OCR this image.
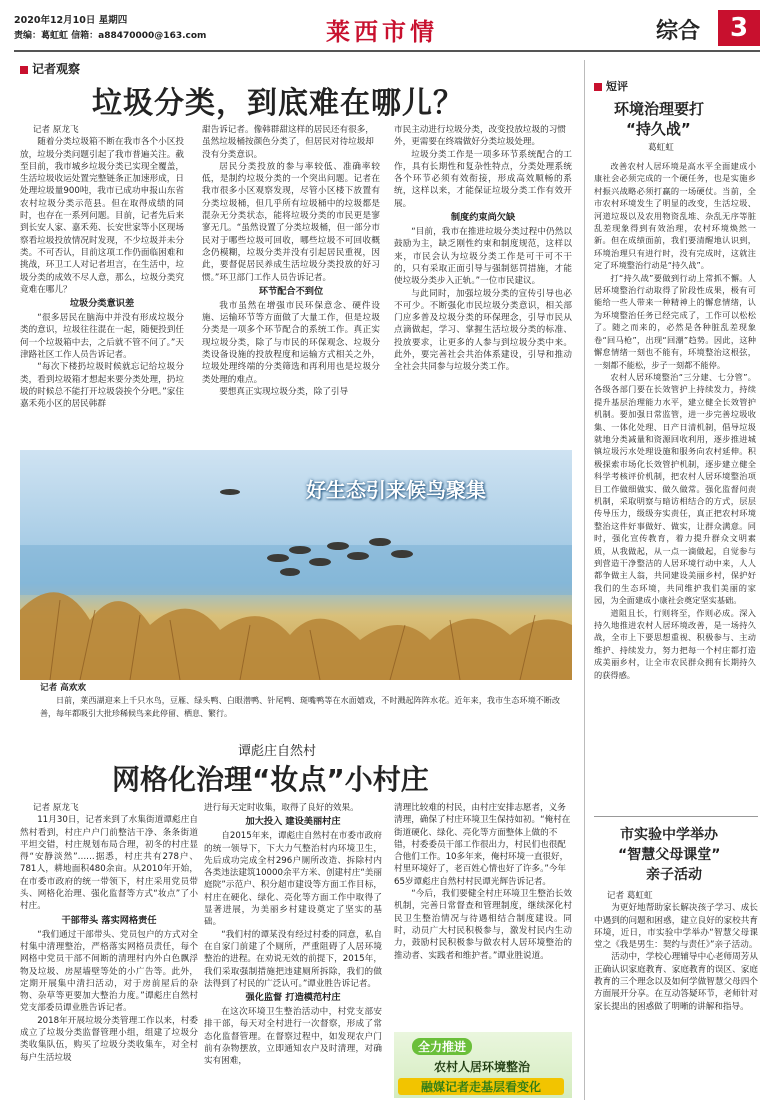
2020年12月10日 星期四
责编：葛虹虹 信箱：a88470000@163.com	莱西市情	综合	3
记者观察
垃圾分类，到底难在哪儿？

记者 原龙飞

随着分类垃圾箱不断在我市各个小区投放，垃圾分类问题引起了我市普遍关注。截至目前，我市城乡垃圾分类已实现全覆盖，生活垃圾收运处置完整链条正加速形成，日处理垃圾量900吨，我市已成功申报山东省农村垃圾分类示范县。但在取得成绩的同时，也存在一系列问题。目前，记者先后来到长安人家、嘉禾苑、长安世家等小区现场察看垃圾投放情况时发现，不少垃圾并未分类。不可否认，目前这项工作仍面临困难和挑战，环卫工人对记者坦言，在生活中，垃圾分类的成效不尽人意，那么，垃圾分类究竟难在哪儿？

垃圾分类意识差

“很多居民在脑海中并没有形成垃圾分类的意识，垃圾往往混在一起，随便投到任何一个垃圾箱中去，之后就不管不问了。”天津路社区工作人员告诉记者。

“每次下楼扔垃圾时候就忘记给垃圾分类，看到垃圾箱才想起来要分类处理，扔垃圾的时候总不能打开垃圾袋挨个分吧。”家住嘉禾苑小区的居民韩群

甜告诉记者。像韩群甜这样的居民还有很多，虽然垃圾桶按颜色分类了，但居民对待垃圾却没有分类意识。

居民分类投放的参与率较低、准确率较低，是制约垃圾分类的一个突出问题。记者在我市很多小区观察发现，尽管小区楼下放置有分类垃圾桶，但几乎所有垃圾桶中的垃圾都是混杂无分类状态，能将垃圾分类的市民更是寥寥无几。“虽然设置了分类垃圾桶，但一部分市民对于哪些垃圾可回收，哪些垃圾不可回收概念仍模糊，垃圾分类并没有引起居民重视，因此，要督促居民养成生活垃圾分类投放的好习惯。”环卫部门工作人员告诉记者。

环节配合不到位

我市虽然在增强市民环保意念、硬件设施、运输环节等方面做了大量工作，但是垃圾分类是一项多个环节配合的系统工作。真正实现垃圾分类，除了与市民的环保观念、垃圾分类设备设施的投放程度和运输方式相关之外，垃圾处理终端的分类筛选和再利用也是垃圾分类处理的难点。

要想真正实现垃圾分类，除了引导

市民主动进行垃圾分类，改变投放垃圾的习惯外，更需要在终端做好分类垃圾处理。

垃圾分类工作是一项多环节系统配合的工作，具有长期性和复杂性特点，分类处理系统各个环节必须有效衔接，形成高效顺畅的系统，这样以来，才能保证垃圾分类工作有效开展。

制度约束尚欠缺

“目前，我市在推进垃圾分类过程中仍然以鼓励为主，缺乏刚性约束和制度规范，这样以来，市民会认为垃圾分类工作是可干可不干的，只有采取正面引导与强制惩罚措施，才能使垃圾分类步入正轨。”一位市民建议。

与此同时，加强垃圾分类的宣传引导也必不可少。不断强化市民垃圾分类意识，相关部门应多普及垃圾分类的环保理念，引导市民从点滴做起，学习、掌握生活垃圾分类的标准、投放要求，让更多的人参与到垃圾分类中来。此外，要完善社会共治体系建设，引导和推动全社会共同参与垃圾分类工作。

好生态引来候鸟聚集

记者 高欢欢

日前，莱西湖迎来上千只水鸟，豆雁、绿头鸭、白眼潜鸭、针尾鸭、斑嘴鸭等在水面嬉戏，不时溅起阵阵水花。近年来，我市生态环境不断改善，每年都吸引大批珍稀候鸟来此停留、栖息、繁行。

谭彪庄自然村
网格化治理“妆点”小村庄

记者 原龙飞

11月30日，记者来到了水集街道谭彪庄自然村看到，村庄户户门前整洁干净、条条街道平坦交错，村庄规划布局合理，初冬的村庄显得“安静淡然”……据悉，村庄共有278户、781人，耕地面积480余亩。从2010年开始，在市委市政府的统一带领下，村庄采用党员带头、网格化治理、强化监督等方式“妆点”了小村庄。

干部带头 落实网格责任

“我们通过干部带头、党员包户的方式对全村集中清理整治，严格落实网格员责任，每个网格中党员干部不间断的清理村内外白色飘浮物及垃圾、房屋墙壁等处的小广告等。此外，定期开展集中清扫活动，对于房前屋后的杂物、杂草等更要加大整治力度。”谭彪庄自然村党支部委员谭业胜告诉记者。

2018年开展垃圾分类管理工作以来，村委成立了垃圾分类监督管理小组，组建了垃圾分类收集队伍，购买了垃圾分类收集车，对全村每户生活垃圾

进行每天定时收集，取得了良好的效果。

加大投入 建设美丽村庄

自2015年来，谭彪庄自然村在市委市政府的统一领导下，下大力气整治村内环境卫生，先后成功完成全村296户厕所改造、拆除村内各类违法建筑10000余平方米、创建村庄“美丽庭院”示范户、积分超市建设等方面工作目标，村庄在硬化、绿化、亮化等方面工作中取得了显著进展，为美丽乡村建设奠定了坚实的基础。

“我们村的谭某没有经过村委的同意，私自在自家门前建了个厕所，严重阻碍了人居环境整治的进程。在劝说无效的前提下，2015年，我们采取强制措施把违建厕所拆除，我们的做法得到了村民的广泛认可。”谭业胜告诉记者。

强化监督 打造模范村庄

在这次环境卫生整治活动中，村党支部安排干部，每天对全村进行一次督察，形成了常态化监督管理。在督察过程中，如发现农户门前有杂物摆放，立即通知农户及时清理，对确实有困难，

清理比较难的村民，由村庄安排志愿者，义务清理，确保了村庄环境卫生保持如初。“俺村在街道硬化、绿化、亮化等方面整体上做的不错，村委委员干部工作很出力，村民们也很配合他们工作。10多年来，俺村环境一直很好，村里环境好了，老百姓心情也好了许多。”今年65岁谭彪庄自然村村民谭光辉告诉记者。

“今后，我们要健全村庄环境卫生整治长效机制，完善日常督查和管理制度，继续深化村民卫生整治情况与待遇相结合制度建设。同时，动员广大村民积极参与，激发村民内生动力，鼓励村民积极参与做农村人居环境整治的推动者、实践者和维护者。”谭业胜说道。

全力推进
农村人居环境整治
融媒记者走基层看变化
短评
环境治理要打
“持久战”
葛虹虹

改善农村人居环境是高水平全面建成小康社会必须完成的一个硬任务，也是实施乡村振兴战略必须打赢的一场硬仗。当前，全市农村环境发生了明显的改变，生活垃圾、河道垃圾以及农用物资乱堆、杂乱无序等脏乱差现象得到有效治理，农村环境焕然一新。但在成绩面前，我们要清醒地认识到，环境治理只有进行时，没有完成时，这就注定了环境整治行动是“持久战”。

打“持久战”要做到行动上常抓不懈。人居环境整治行动取得了阶段性成果，极有可能给一些人带来一种精神上的懈怠情绪，认为环境整治任务已经完成了，工作可以松松了。随之而来的，必然是各种脏乱差现象卷“回马枪”，出现“回潮”趋势。因此，这种懈怠情绪一刻也不能有，环境整治这根弦，一刻都不能松，步子一刻都不能停。

农村人居环境整治“三分建、七分管”。各级各部门要在长效管护上持续发力，持续提升基层治理能力水平，建立健全长效管护机制。要加强日常监管，进一步完善垃圾收集、一体化处理、日产日清机制，倡导垃圾就地分类减量和资源回收利用，逐步推进城镇垃圾污水处理设施和服务向农村延伸。积极探索市场化长效管护机制，逐步建立健全科学考核评价机制，把农村人居环境整治项目工作做细做实、做久做常。强化监督问责机制，采取明察与暗访相结合的方式，层层传导压力，级级夯实责任，真正把农村环境整治这件好事做好、做实，让群众满意。同时，强化宣传教育，着力提升群众文明素质，从我做起，从一点一滴做起，自觉参与到营造干净整洁的人居环境行动中来，人人都争做主人翁，共同建设美丽乡村，保护好我们的生态环境，共同维护我们美丽的家园，为全面建成小康社会奠定坚实基础。

道阻且长，行则将至，作则必成。深入持久地推进农村人居环境改善，是一场持久战，全市上下要思想重视、积极参与、主动维护、持续发力，努力把每一个村庄都打造成美丽乡村，让全市农民群众拥有长期持久的获得感。

市实验中学举办
“智慧父母课堂”
亲子活动

记者 葛虹虹

为更好地帮助家长解决孩子学习、成长中遇到的问题和困惑，建立良好的家校共育环境，近日，市实验中学举办“智慧父母课堂之《我是男生：契约与责任》”亲子活动。

活动中，学校心理辅导中心老师周芳从正确认识家庭教育、家庭教育的误区、家庭教育的三个理念以及如何学做智慧父母四个方面展开分享。在互动答疑环节，老师针对家长提出的困惑做了明晰的讲解和指导。
